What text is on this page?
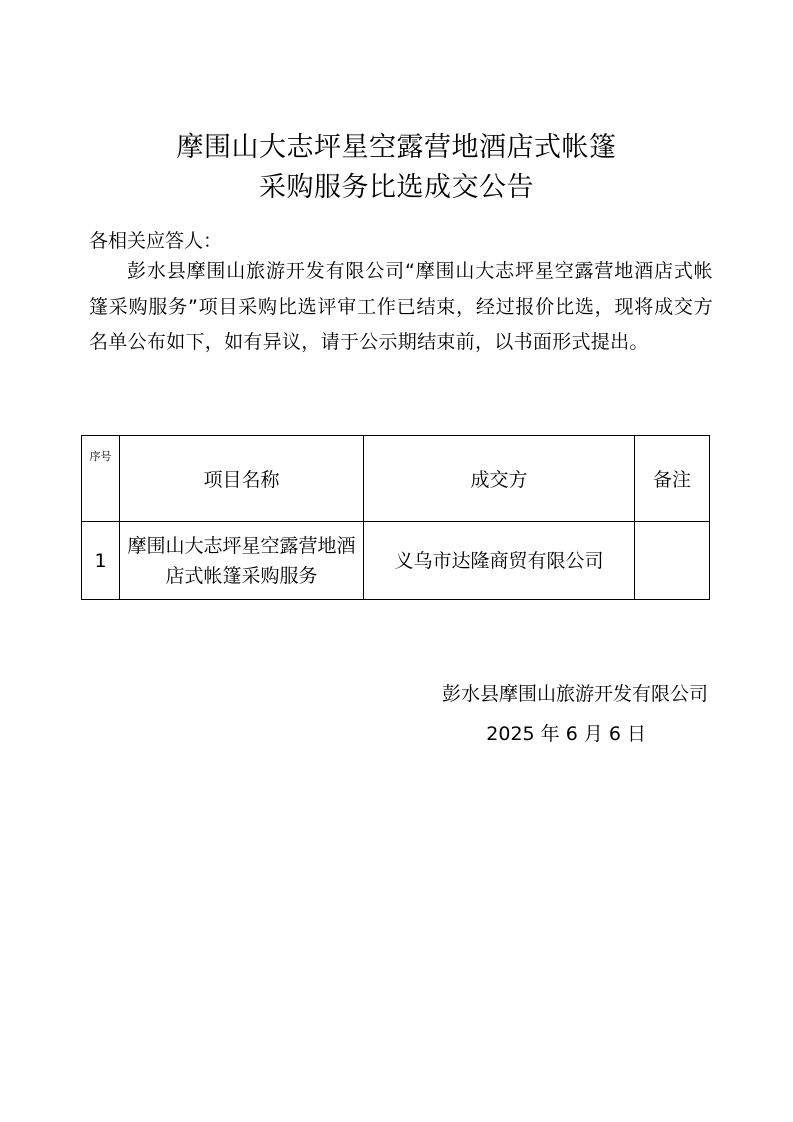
摩围山大志坪星空露营地酒店式帐篷
采购服务比选成交公告
各相关应答人：
彭水县摩围山旅游开发有限公司“摩围山大志坪星空露营地酒店式帐篷采购服务”项目采购比选评审工作已结束，经过报价比选，现将成交方名单公布如下，如有异议，请于公示期结束前，以书面形式提出。
序号	项目名称	成交方	备注
1	摩围山大志坪星空露营地酒店式帐篷采购服务	义乌市达隆商贸有限公司	
彭水县摩围山旅游开发有限公司
2025 年 6 月 6 日
